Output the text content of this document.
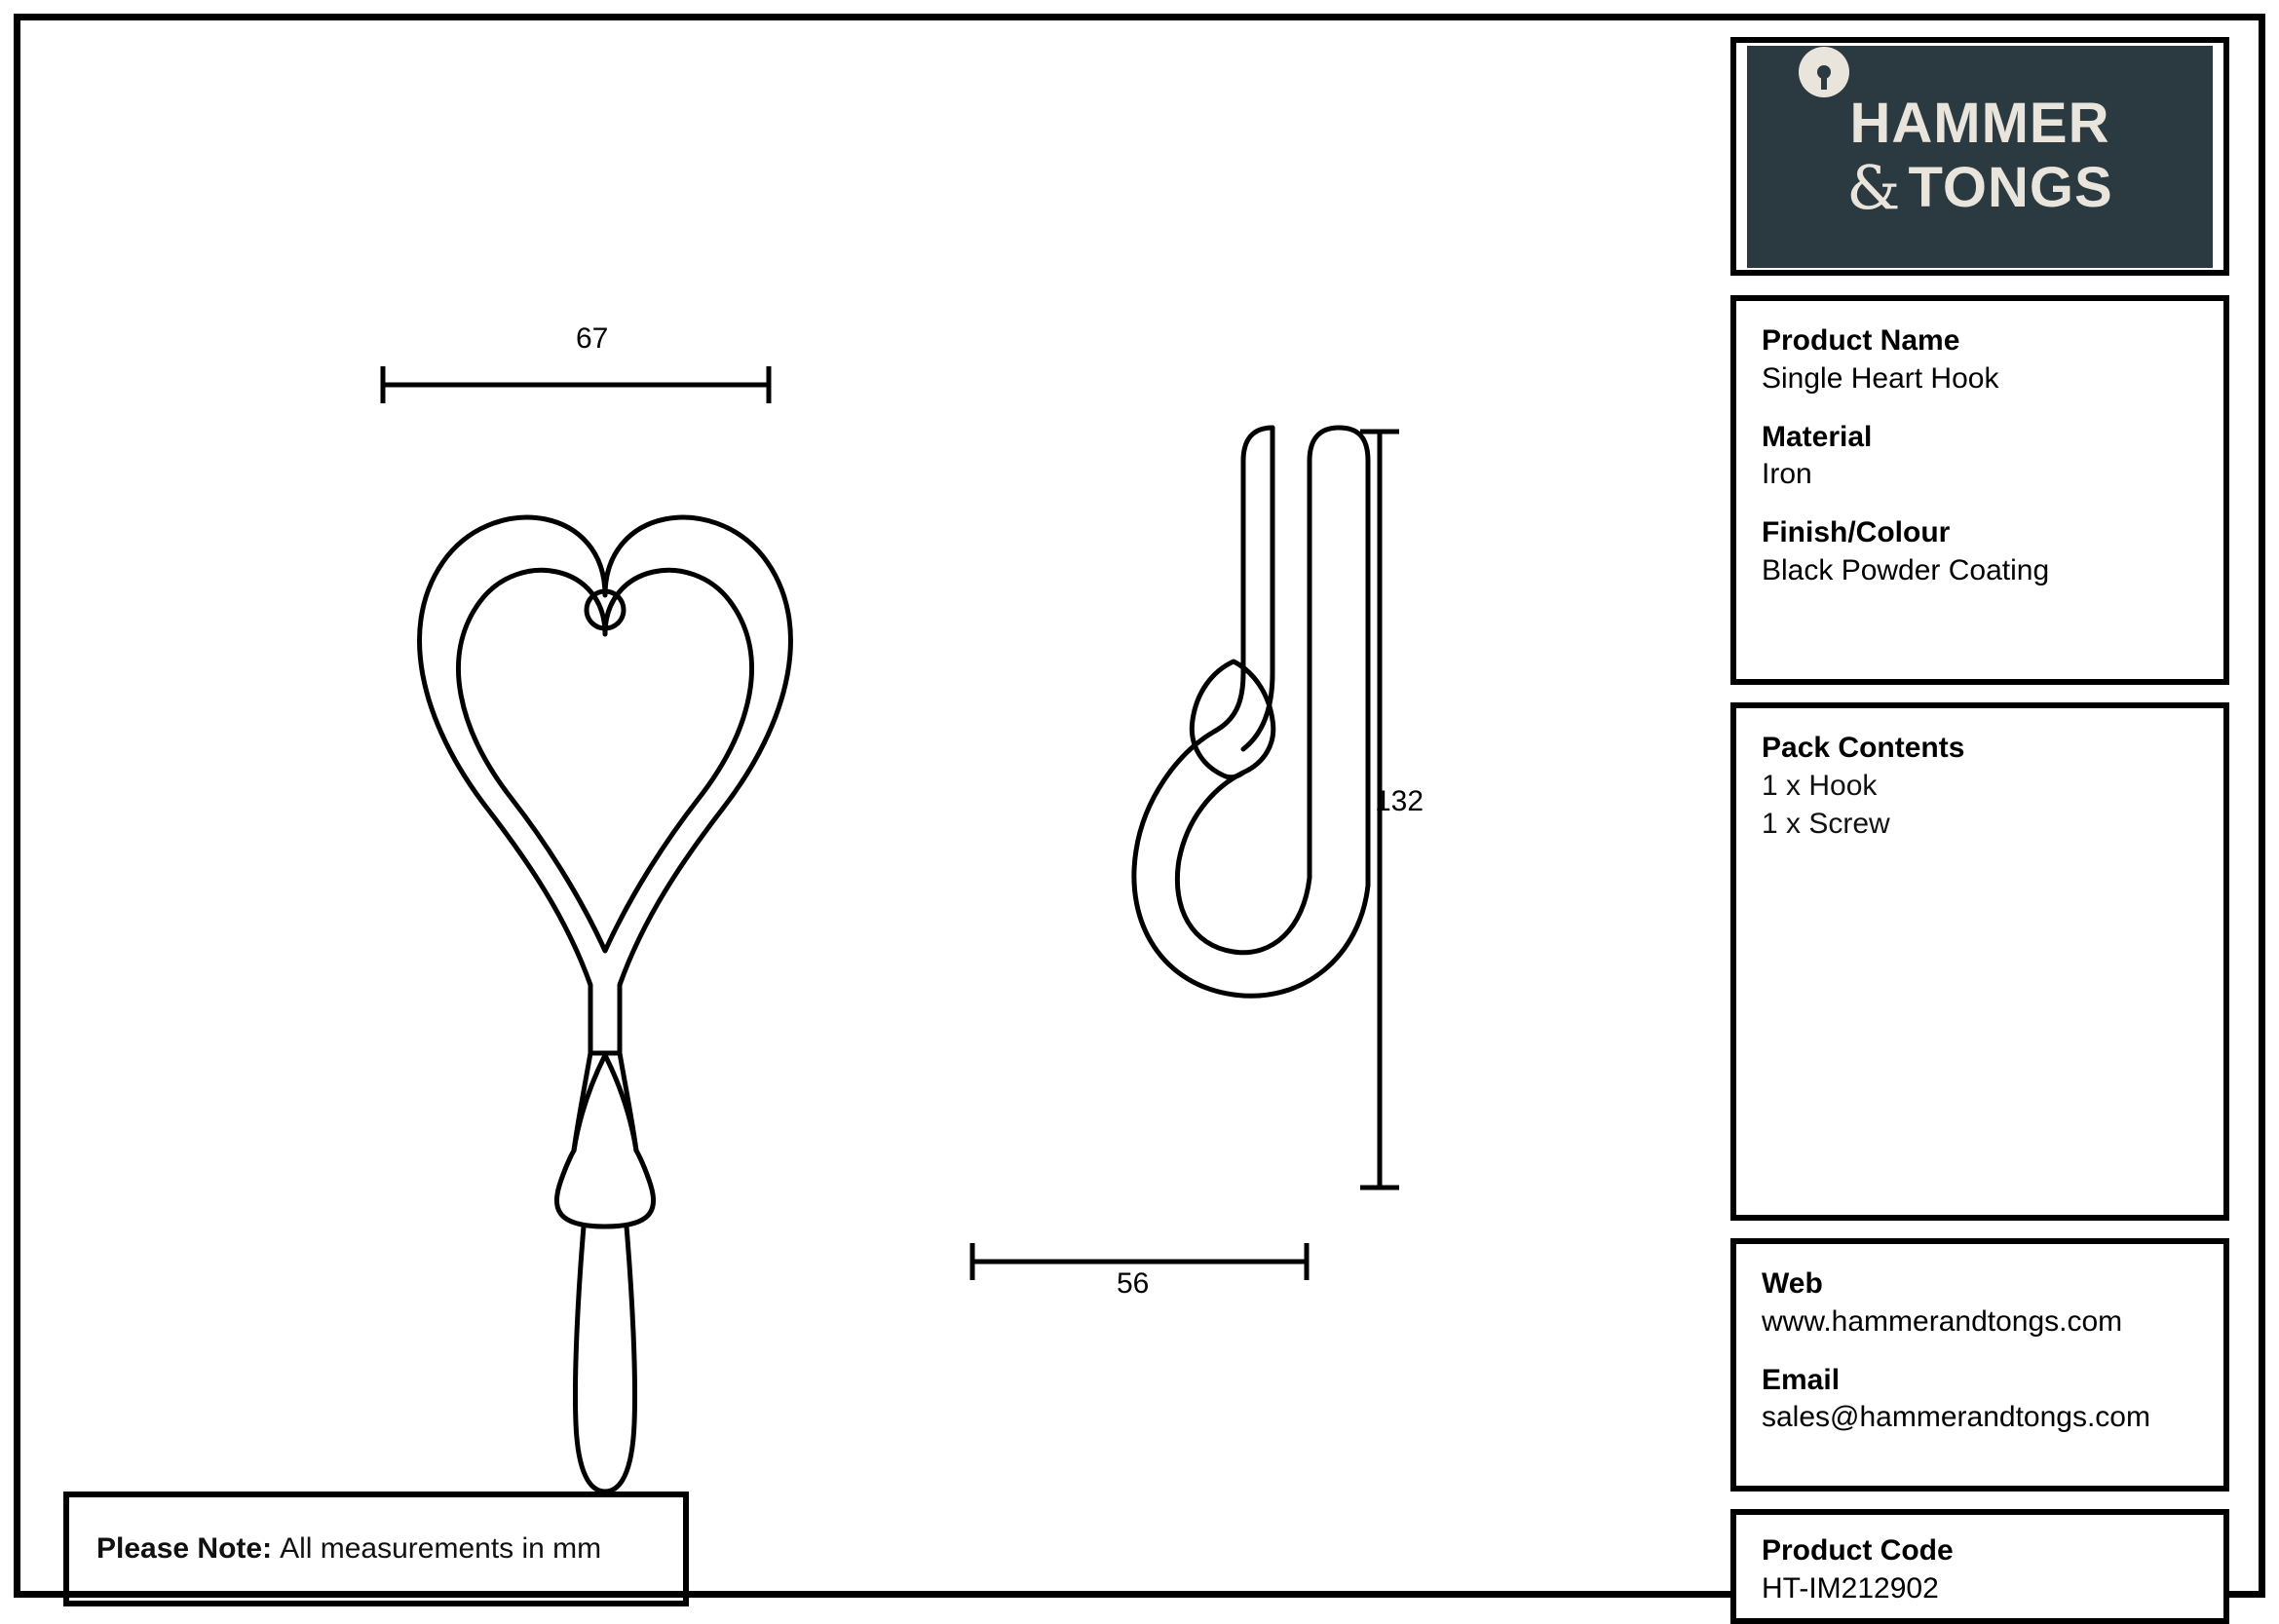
67
132
56
Please Note: All measurements in mm
HAMMER
& TONGS
Product Name
Single Heart Hook
Material
Iron
Finish/Colour
Black Powder Coating
Pack Contents
1 x Hook
1 x Screw
Web
www.hammerandtongs.com
Email
sales@hammerandtongs.com
Product Code
HT-IM212902
